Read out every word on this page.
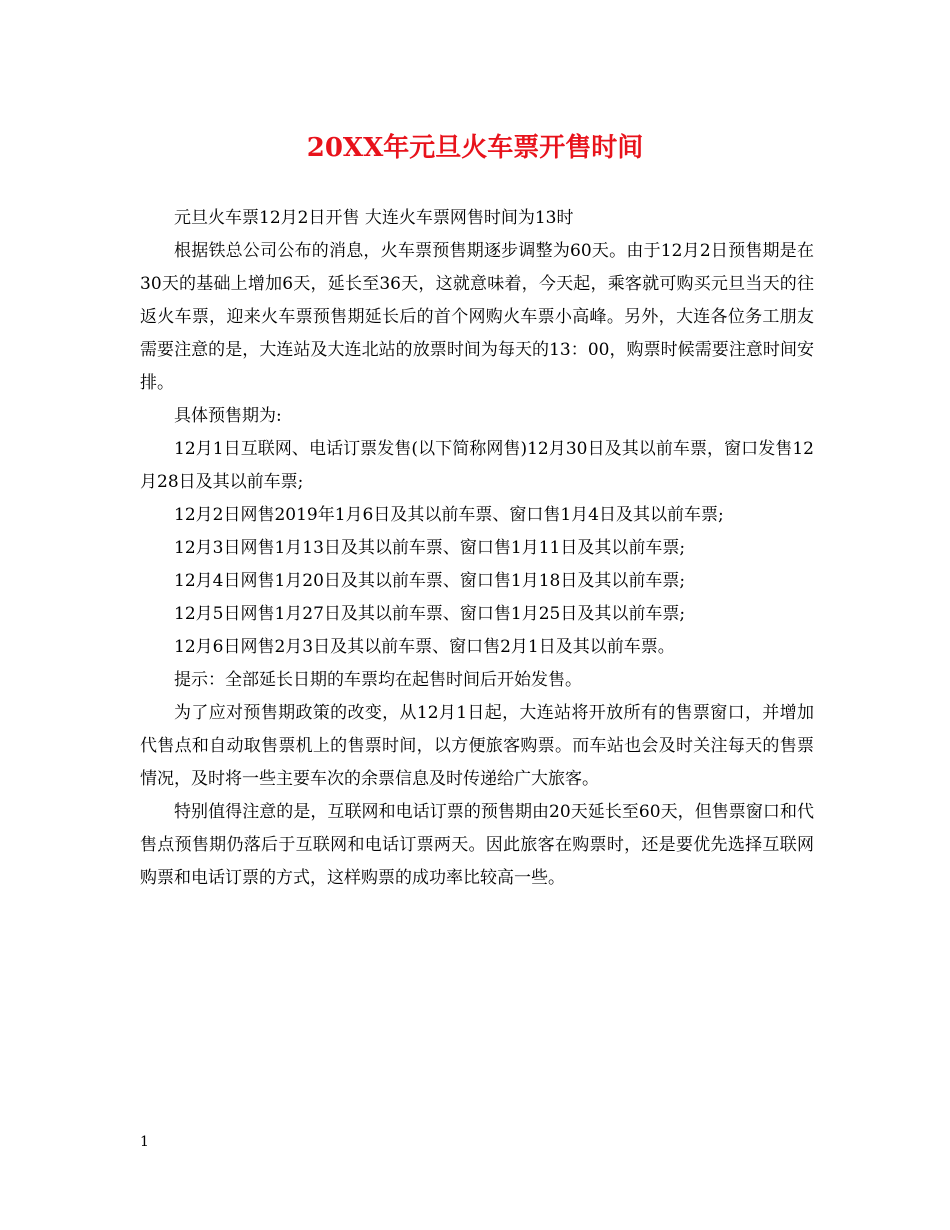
20XX年元旦火车票开售时间

元旦火车票12月2日开售 大连火车票网售时间为13时

根据铁总公司公布的消息，火车票预售期逐步调整为60天。由于12月2日预售期是在30天的基础上增加6天，延长至36天，这就意味着，今天起，乘客就可购买元旦当天的往返火车票，迎来火车票预售期延长后的首个网购火车票小高峰。另外，大连各位务工朋友需要注意的是，大连站及大连北站的放票时间为每天的13：00，购票时候需要注意时间安排。

具体预售期为:

12月1日互联网、电话订票发售(以下简称网售)12月30日及其以前车票，窗口发售12月28日及其以前车票;

12月2日网售2019年1月6日及其以前车票、窗口售1月4日及其以前车票;

12月3日网售1月13日及其以前车票、窗口售1月11日及其以前车票;

12月4日网售1月20日及其以前车票、窗口售1月18日及其以前车票;

12月5日网售1月27日及其以前车票、窗口售1月25日及其以前车票;

12月6日网售2月3日及其以前车票、窗口售2月1日及其以前车票。

提示：全部延长日期的车票均在起售时间后开始发售。

为了应对预售期政策的改变，从12月1日起，大连站将开放所有的售票窗口，并增加代售点和自动取售票机上的售票时间，以方便旅客购票。而车站也会及时关注每天的售票情况，及时将一些主要车次的余票信息及时传递给广大旅客。

特别值得注意的是，互联网和电话订票的预售期由20天延长至60天，但售票窗口和代售点预售期仍落后于互联网和电话订票两天。因此旅客在购票时，还是要优先选择互联网购票和电话订票的方式，这样购票的成功率比较高一些。

1
